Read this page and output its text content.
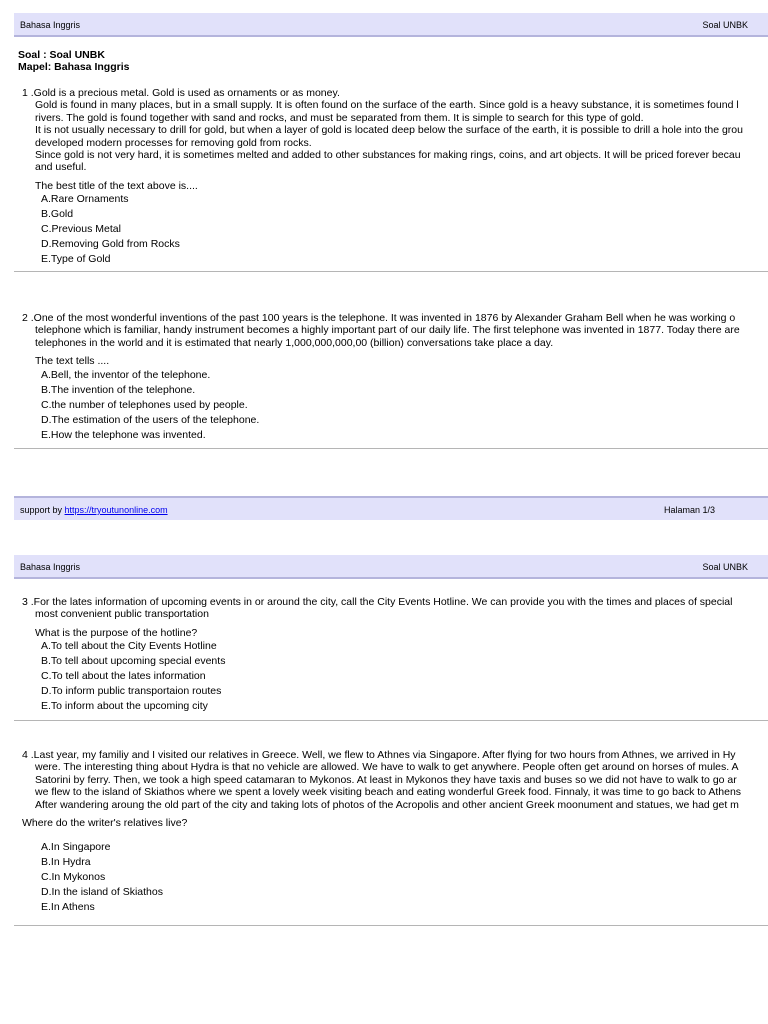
Bahasa Inggris	Soal UNBK
Soal : Soal UNBK
Mapel: Bahasa Inggris
1 .Gold is a precious metal. Gold is used as ornaments or as money.
Gold is found in many places, but in a small supply. It is often found on the surface of the earth. Since gold is a heavy substance, it is sometimes found l
rivers. The gold is found together with sand and rocks, and must be separated from them. It is simple to search for this type of gold.
It is not usually necessary to drill for gold, but when a layer of gold is located deep below the surface of the earth, it is possible to drill a hole into the grou
developed modern processes for removing gold from rocks.
Since gold is not very hard, it is sometimes melted and added to other substances for making rings, coins, and art objects. It will be priced forever becau
and useful.
The best title of the text above is....
A.Rare Ornaments
B.Gold
C.Previous Metal
D.Removing Gold from Rocks
E.Type of Gold
2 .One of the most wonderful inventions of the past 100 years is the telephone. It was invented in 1876 by Alexander Graham Bell when he was working o
telephone which is familiar, handy instrument becomes a highly important part of our daily life. The first telephone was invented in 1877. Today there are
telephones in the world and it is estimated that nearly 1,000,000,000,00 (billion) conversations take place a day.
The text tells ....
A.Bell, the inventor of the telephone.
B.The invention of the telephone.
C.the number of telephones used by people.
D.The estimation of the users of the telephone.
E.How the telephone was invented.
support by https://tryoutunonline.com	Halaman 1/3
Bahasa Inggris	Soal UNBK
3 .For the lates information of upcoming events in or around the city, call the City Events Hotline. We can provide you with the times and places of special
most convenient public transportation
What is the purpose of the hotline?
A.To tell about the City Events Hotline
B.To tell about upcoming special events
C.To tell about the lates information
D.To inform public transportaion routes
E.To inform about the upcoming city
4 .Last year, my familiy and I visited our relatives in Greece. Well, we flew to Athnes via Singapore. After flying for two hours from Athnes, we arrived in Hy
were. The interesting thing about Hydra is that no vehicle are allowed. We have to walk to get anywhere. People often get around on horses of mules. A
Satorini by ferry. Then, we took a high speed catamaran to Mykonos. At least in Mykonos they have taxis and buses so we did not have to walk to go ar
we flew to the island of Skiathos where we spent a lovely week visiting beach and eating wonderful Greek food. Finnaly, it was time to go back to Athens
After wandering aroung the old part of the city and taking lots of photos of the Acropolis and other ancient Greek moonument and statues, we had get m
Where do the writer's relatives live?
A.In Singapore
B.In Hydra
C.In Mykonos
D.In the island of Skiathos
E.In Athens
